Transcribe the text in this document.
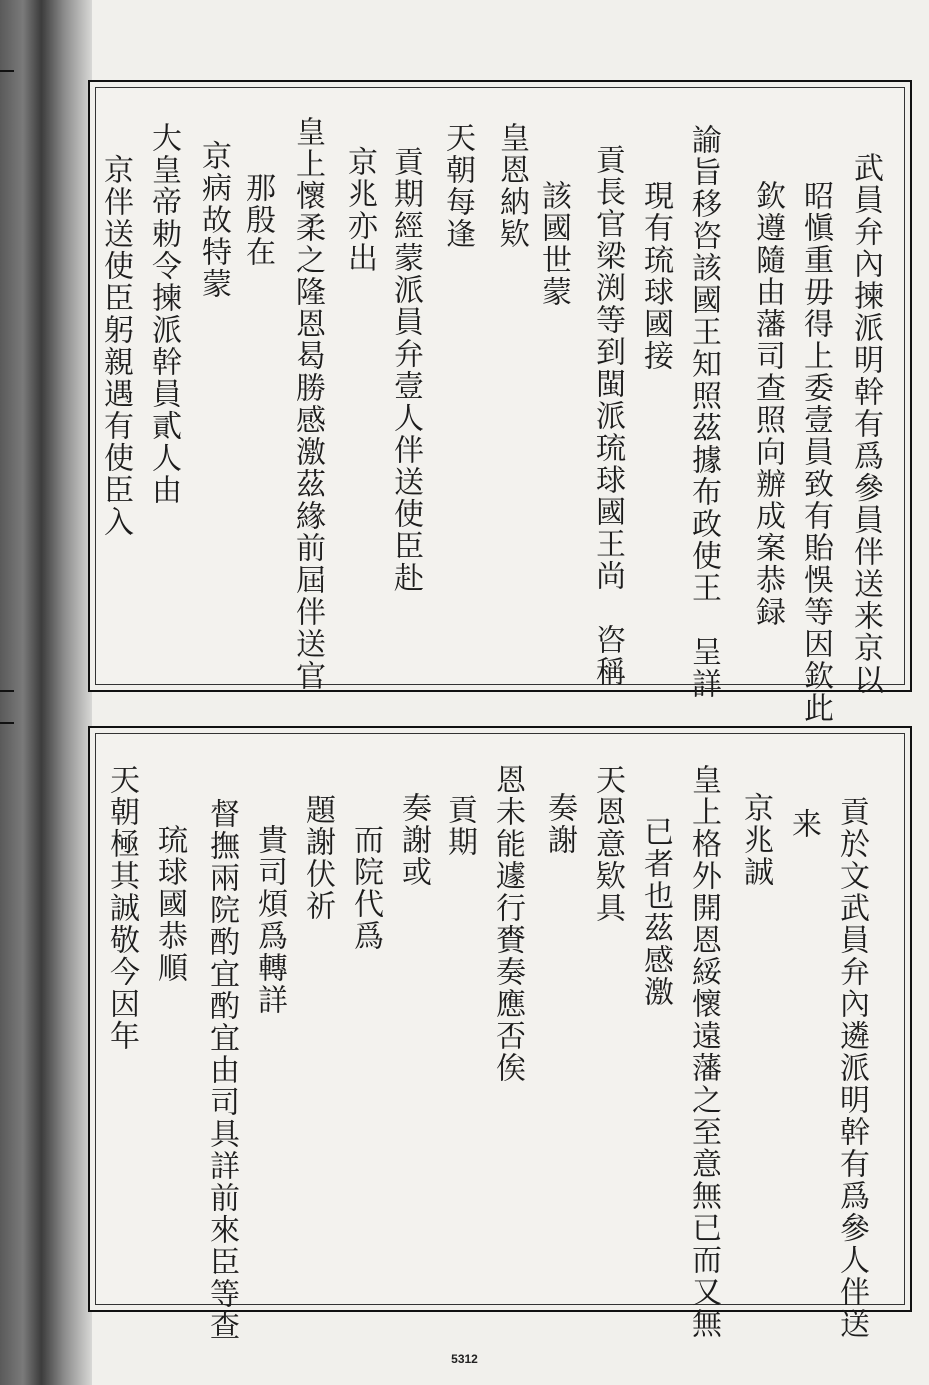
武員弁內揀派明幹有爲參員伴送来京以
昭愼重毋得上委壹員致有貽悞等因欽此
欽遵隨由藩司查照向辦成案恭録
諭旨移咨該國王知照茲據布政使王　呈詳
現有琉球國接
貢長官梁渕等到閩派琉球國王尚　咨稱
該國世蒙
皇恩納欵
天朝每逢
貢期經蒙派員弁壹人伴送使臣赴
京兆亦出
皇上懷柔之隆恩曷勝感激茲緣前屆伴送官
那殷在
京病故特蒙
大皇帝勅令揀派幹員貳人由
京伴送使臣躬親遇有使臣入
貢於文武員弁內遴派明幹有爲參人伴送
来
京兆誠
皇上格外開恩綏懷遠藩之至意無已而又無
已者也茲感激
天恩意欵具
奏謝
恩未能遽行賚奏應否俟
貢期
奏謝或
而院代爲
題謝伏祈
貴司煩爲轉詳
督撫兩院酌宜酌宜由司具詳前來臣等查
琉球國恭順
天朝極其誠敬今因年
5312
